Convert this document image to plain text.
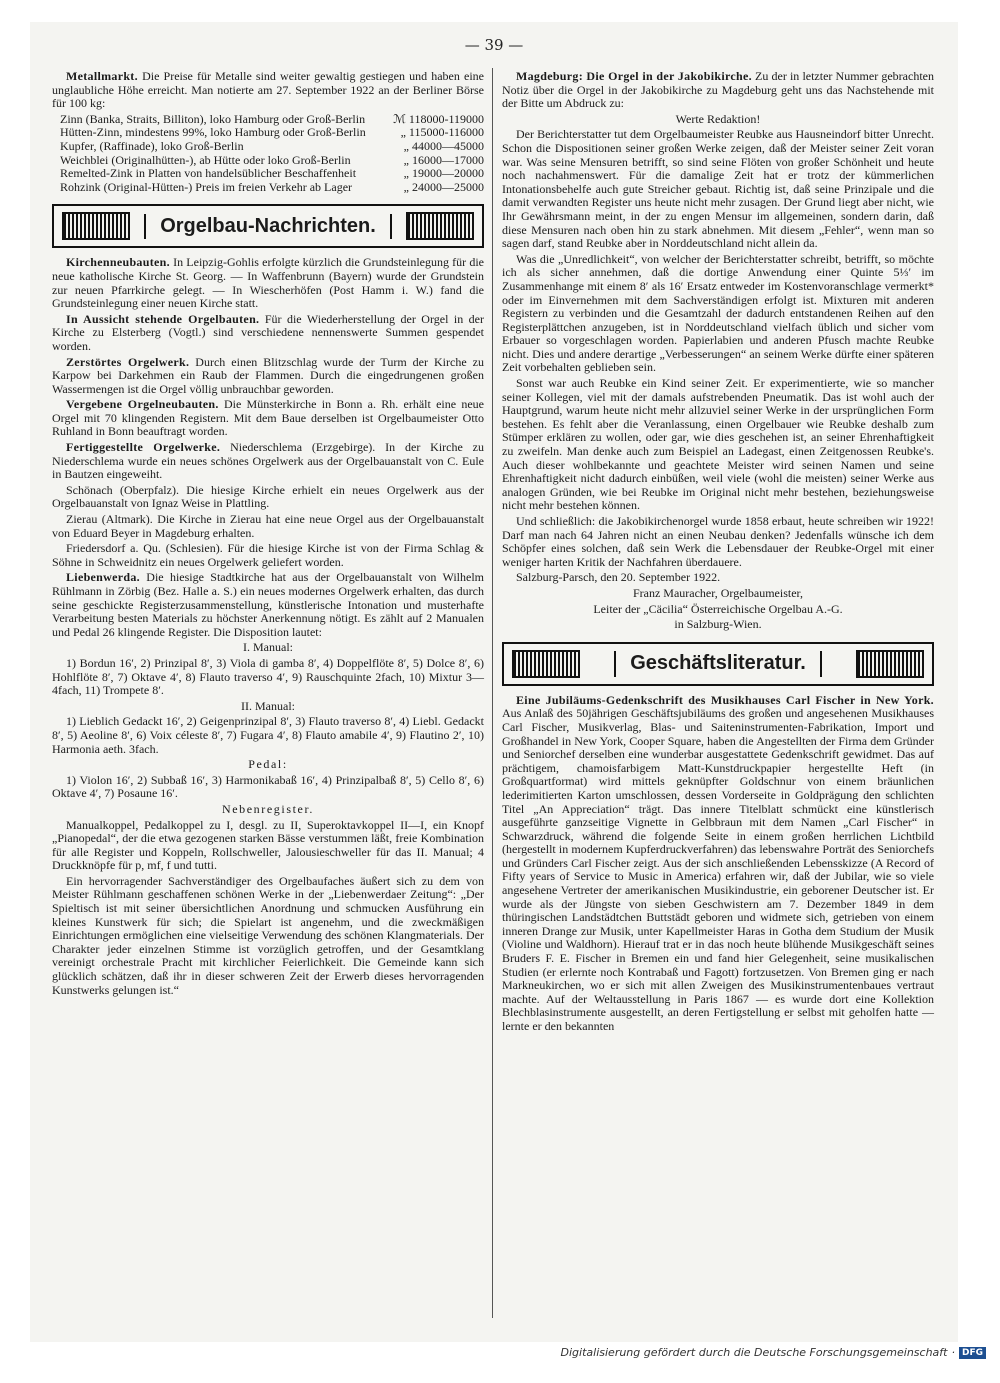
— 39 —

Metallmarkt. Die Preise für Metalle sind weiter gewaltig gestiegen und haben eine unglaubliche Höhe erreicht. Man notierte am 27. September 1922 an der Berliner Börse für 100 kg:

Zinn (Banka, Straits, Billiton), loko Hamburg oder Groß-Berlin	ℳ 118000-119000
Hütten-Zinn, mindestens 99%, loko Hamburg oder Groß-Berlin	„ 115000-116000
Kupfer, (Raffinade), loko Groß-Berlin	„ 44000—45000
Weichblei (Originalhütten-), ab Hütte oder loko Groß-Berlin	„ 16000—17000
Remelted-Zink in Platten von handelsüblicher Beschaffenheit	„ 19000—20000
Rohzink (Original-Hütten-) Preis im freien Verkehr ab Lager	„ 24000—25000
Orgelbau-Nachrichten.

Kirchenneubauten. In Leipzig-Gohlis erfolgte kürzlich die Grundsteinlegung für die neue katholische Kirche St. Georg. — In Waffenbrunn (Bayern) wurde der Grundstein zur neuen Pfarrkirche gelegt. — In Wiescherhöfen (Post Hamm i. W.) fand die Grundsteinlegung einer neuen Kirche statt.

In Aussicht stehende Orgelbauten. Für die Wiederherstellung der Orgel in der Kirche zu Elsterberg (Vogtl.) sind verschiedene nennenswerte Summen gespendet worden.

Zerstörtes Orgelwerk. Durch einen Blitzschlag wurde der Turm der Kirche zu Karpow bei Darkehmen ein Raub der Flammen. Durch die eingedrungenen großen Wassermengen ist die Orgel völlig unbrauchbar geworden.

Vergebene Orgelneubauten. Die Münsterkirche in Bonn a. Rh. erhält eine neue Orgel mit 70 klingenden Registern. Mit dem Baue derselben ist Orgelbaumeister Otto Ruhland in Bonn beauftragt worden.

Fertiggestellte Orgelwerke. Niederschlema (Erzgebirge). In der Kirche zu Niederschlema wurde ein neues schönes Orgelwerk aus der Orgelbauanstalt von C. Eule in Bautzen eingeweiht.

Schönach (Oberpfalz). Die hiesige Kirche erhielt ein neues Orgelwerk aus der Orgelbauanstalt von Ignaz Weise in Plattling.

Zierau (Altmark). Die Kirche in Zierau hat eine neue Orgel aus der Orgelbauanstalt von Eduard Beyer in Magdeburg erhalten.

Friedersdorf a. Qu. (Schlesien). Für die hiesige Kirche ist von der Firma Schlag & Söhne in Schweidnitz ein neues Orgelwerk geliefert worden.

Liebenwerda. Die hiesige Stadtkirche hat aus der Orgelbauanstalt von Wilhelm Rühlmann in Zörbig (Bez. Halle a. S.) ein neues modernes Orgelwerk erhalten, das durch seine geschickte Registerzusammenstellung, künstlerische Intonation und musterhafte Verarbeitung besten Materials zu höchster Anerkennung nötigt. Es zählt auf 2 Manualen und Pedal 26 klingende Register. Die Disposition lautet:

I. Manual:

1) Bordun 16′, 2) Prinzipal 8′, 3) Viola di gamba 8′, 4) Doppelflöte 8′, 5) Dolce 8′, 6) Hohlflöte 8′, 7) Oktave 4′, 8) Flauto traverso 4′, 9) Rauschquinte 2fach, 10) Mixtur 3—4fach, 11) Trompete 8′.

II. Manual:

1) Lieblich Gedackt 16′, 2) Geigenprinzipal 8′, 3) Flauto traverso 8′, 4) Liebl. Gedackt 8′, 5) Aeoline 8′, 6) Voix céleste 8′, 7) Fugara 4′, 8) Flauto amabile 4′, 9) Flautino 2′, 10) Harmonia aeth. 3fach.

Pedal:

1) Violon 16′, 2) Subbaß 16′, 3) Harmonikabaß 16′, 4) Prinzipalbaß 8′, 5) Cello 8′, 6) Oktave 4′, 7) Posaune 16′.

Nebenregister.

Manualkoppel, Pedalkoppel zu I, desgl. zu II, Superoktavkoppel II—I, ein Knopf „Pianopedal“, der die etwa gezogenen starken Bässe verstummen läßt, freie Kombination für alle Register und Koppeln, Rollschweller, Jalousieschweller für das II. Manual; 4 Druckknöpfe für p, mf, f und tutti.

Ein hervorragender Sachverständiger des Orgelbaufaches äußert sich zu dem von Meister Rühlmann geschaffenen schönen Werke in der „Liebenwerdaer Zeitung“: „Der Spieltisch ist mit seiner übersichtlichen Anordnung und schmucken Ausführung ein kleines Kunstwerk für sich; die Spielart ist angenehm, und die zweckmäßigen Einrichtungen ermöglichen eine vielseitige Verwendung des schönen Klangmaterials. Der Charakter jeder einzelnen Stimme ist vorzüglich getroffen, und der Gesamtklang vereinigt orchestrale Pracht mit kirchlicher Feierlichkeit. Die Gemeinde kann sich glücklich schätzen, daß ihr in dieser schweren Zeit der Erwerb dieses hervorragenden Kunstwerks gelungen ist.“

Magdeburg: Die Orgel in der Jakobikirche. Zu der in letzter Nummer gebrachten Notiz über die Orgel in der Jakobikirche zu Magdeburg geht uns das Nachstehende mit der Bitte um Abdruck zu:

Werte Redaktion!

Der Berichterstatter tut dem Orgelbaumeister Reubke aus Hausneindorf bitter Unrecht. Schon die Dispositionen seiner großen Werke zeigen, daß der Meister seiner Zeit voran war. Was seine Mensuren betrifft, so sind seine Flöten von großer Schönheit und heute noch nachahmenswert. Für die damalige Zeit hat er trotz der kümmerlichen Intonationsbehelfe auch gute Streicher gebaut. Richtig ist, daß seine Prinzipale und die damit verwandten Register uns heute nicht mehr zusagen. Der Grund liegt aber nicht, wie Ihr Gewährsmann meint, in der zu engen Mensur im allgemeinen, sondern darin, daß diese Mensuren nach oben hin zu stark abnehmen. Mit diesem „Fehler“, wenn man so sagen darf, stand Reubke aber in Norddeutschland nicht allein da.

Was die „Unredlichkeit“, von welcher der Berichterstatter schreibt, betrifft, so möchte ich als sicher annehmen, daß die dortige Anwendung einer Quinte 5⅓′ im Zusammenhange mit einem 8′ als 16′ Ersatz entweder im Kostenvoranschlage vermerkt* oder im Einvernehmen mit dem Sachverständigen erfolgt ist. Mixturen mit anderen Registern zu verbinden und die Gesamtzahl der dadurch entstandenen Reihen auf den Registerplättchen anzugeben, ist in Norddeutschland vielfach üblich und sicher vom Erbauer so vorgeschlagen worden. Papierlabien und anderen Pfusch machte Reubke nicht. Dies und andere derartige „Verbesserungen“ an seinem Werke dürfte einer späteren Zeit vorbehalten geblieben sein.

Sonst war auch Reubke ein Kind seiner Zeit. Er experimentierte, wie so mancher seiner Kollegen, viel mit der damals aufstrebenden Pneumatik. Das ist wohl auch der Hauptgrund, warum heute nicht mehr allzuviel seiner Werke in der ursprünglichen Form bestehen. Es fehlt aber die Veranlassung, einen Orgelbauer wie Reubke deshalb zum Stümper erklären zu wollen, oder gar, wie dies geschehen ist, an seiner Ehrenhaftigkeit zu zweifeln. Man denke auch zum Beispiel an Ladegast, einen Zeitgenossen Reubke's. Auch dieser wohlbekannte und geachtete Meister wird seinen Namen und seine Ehrenhaftigkeit nicht dadurch einbüßen, weil viele (wohl die meisten) seiner Werke aus analogen Gründen, wie bei Reubke im Original nicht mehr bestehen, beziehungsweise nicht mehr bestehen können.

Und schließlich: die Jakobikirchenorgel wurde 1858 erbaut, heute schreiben wir 1922! Darf man nach 64 Jahren nicht an einen Neubau denken? Jedenfalls wünsche ich dem Schöpfer eines solchen, daß sein Werk die Lebensdauer der Reubke-Orgel mit einer weniger harten Kritik der Nachfahren überdauere.

Salzburg-Parsch, den 20. September 1922.

Franz Mauracher, Orgelbaumeister,

Leiter der „Cäcilia“ Österreichische Orgelbau A.-G.

in Salzburg-Wien.

Geschäftsliteratur.

Eine Jubiläums-Gedenkschrift des Musikhauses Carl Fischer in New York. Aus Anlaß des 50jährigen Geschäftsjubiläums des großen und angesehenen Musikhauses Carl Fischer, Musikverlag, Blas- und Saiteninstrumenten-Fabrikation, Import und Großhandel in New York, Cooper Square, haben die Angestellten der Firma dem Gründer und Seniorchef derselben eine wunderbar ausgestattete Gedenkschrift gewidmet. Das auf prächtigem, chamoisfarbigem Matt-Kunstdruckpapier hergestellte Heft (in Großquartformat) wird mittels geknüpfter Goldschnur von einem bräunlichen lederimitierten Karton umschlossen, dessen Vorderseite in Goldprägung den schlichten Titel „An Appreciation“ trägt. Das innere Titelblatt schmückt eine künstlerisch ausgeführte ganzseitige Vignette in Gelbbraun mit dem Namen „Carl Fischer“ in Schwarzdruck, während die folgende Seite in einem großen herrlichen Lichtbild (hergestellt in modernem Kupferdruckverfahren) das lebenswahre Porträt des Seniorchefs und Gründers Carl Fischer zeigt. Aus der sich anschließenden Lebensskizze (A Record of Fifty years of Service to Music in America) erfahren wir, daß der Jubilar, wie so viele angesehene Vertreter der amerikanischen Musikindustrie, ein geborener Deutscher ist. Er wurde als der Jüngste von sieben Geschwistern am 7. Dezember 1849 in dem thüringischen Landstädtchen Buttstädt geboren und widmete sich, getrieben von einem inneren Drange zur Musik, unter Kapellmeister Haras in Gotha dem Studium der Musik (Violine und Waldhorn). Hierauf trat er in das noch heute blühende Musikgeschäft seines Bruders F. E. Fischer in Bremen ein und fand hier Gelegenheit, seine musikalischen Studien (er erlernte noch Kontrabaß und Fagott) fortzusetzen. Von Bremen ging er nach Markneukirchen, wo er sich mit allen Zweigen des Musikinstrumentenbaues vertraut machte. Auf der Weltausstellung in Paris 1867 — es wurde dort eine Kollektion Blechblasinstrumente ausgestellt, an deren Fertigstellung er selbst mit geholfen hatte — lernte er den bekannten

Digitalisierung gefördert durch die Deutsche Forschungsgemeinschaft · DFG
